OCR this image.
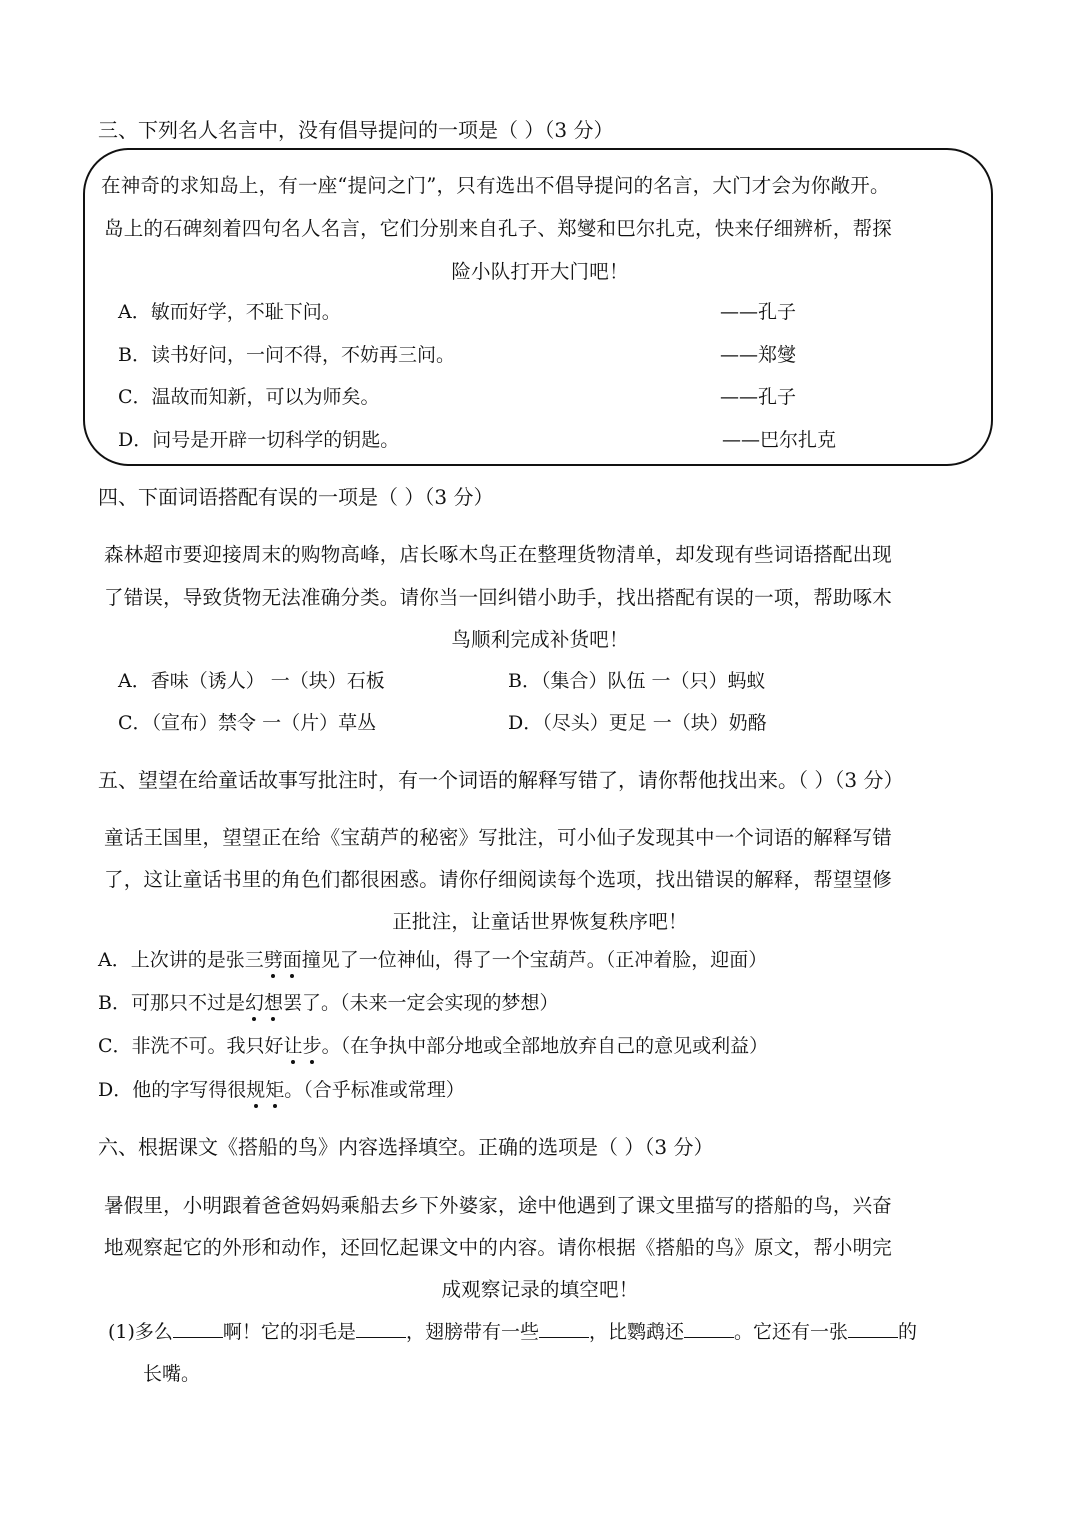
三、下列名人名言中，没有倡导提问的一项是（ ）（3 分）
在神奇的求知岛上，有一座“提问之门”，只有选出不倡导提问的名言，大门才会为你敞开。
岛上的石碑刻着四句名人名言，它们分别来自孔子、郑燮和巴尔扎克，快来仔细辨析，帮探
险小队打开大门吧！
A．敏而好学，不耻下问。	——孔子
B．读书好问，一问不得，不妨再三问。	——郑燮
C．温故而知新，可以为师矣。	——孔子
D．问号是开辟一切科学的钥匙。	——巴尔扎克
四、下面词语搭配有误的一项是（ ）（3 分）
森林超市要迎接周末的购物高峰，店长啄木鸟正在整理货物清单，却发现有些词语搭配出现
了错误，导致货物无法准确分类。请你当一回纠错小助手，找出搭配有误的一项，帮助啄木
鸟顺利完成补货吧！
A．香味（诱人） 一（块）石板	B．（集合）队伍 一（只）蚂蚁
C．（宣布）禁令 一（片）草丛	D．（尽头）更足 一（块）奶酪
五、望望在给童话故事写批注时，有一个词语的解释写错了，请你帮他找出来。（ ）（3 分）
童话王国里，望望正在给《宝葫芦的秘密》写批注，可小仙子发现其中一个词语的解释写错
了，这让童话书里的角色们都很困惑。请你仔细阅读每个选项，找出错误的解释，帮望望修
正批注，让童话世界恢复秩序吧！
A．上次讲的是张三劈面撞见了一位神仙，得了一个宝葫芦。（正冲着脸，迎面）
B．可那只不过是幻想罢了。（未来一定会实现的梦想）
C．非洗不可。我只好让步。（在争执中部分地或全部地放弃自己的意见或利益）
D．他的字写得很规矩。（合乎标准或常理）
六、根据课文《搭船的鸟》内容选择填空。正确的选项是（ ）（3 分）
暑假里，小明跟着爸爸妈妈乘船去乡下外婆家，途中他遇到了课文里描写的搭船的鸟，兴奋
地观察起它的外形和动作，还回忆起课文中的内容。请你根据《搭船的鸟》原文，帮小明完
成观察记录的填空吧！
(1)多么	啊！它的羽毛是	，翅膀带有一些	，比鹦鹉还	。它还有一张	的
长嘴。
